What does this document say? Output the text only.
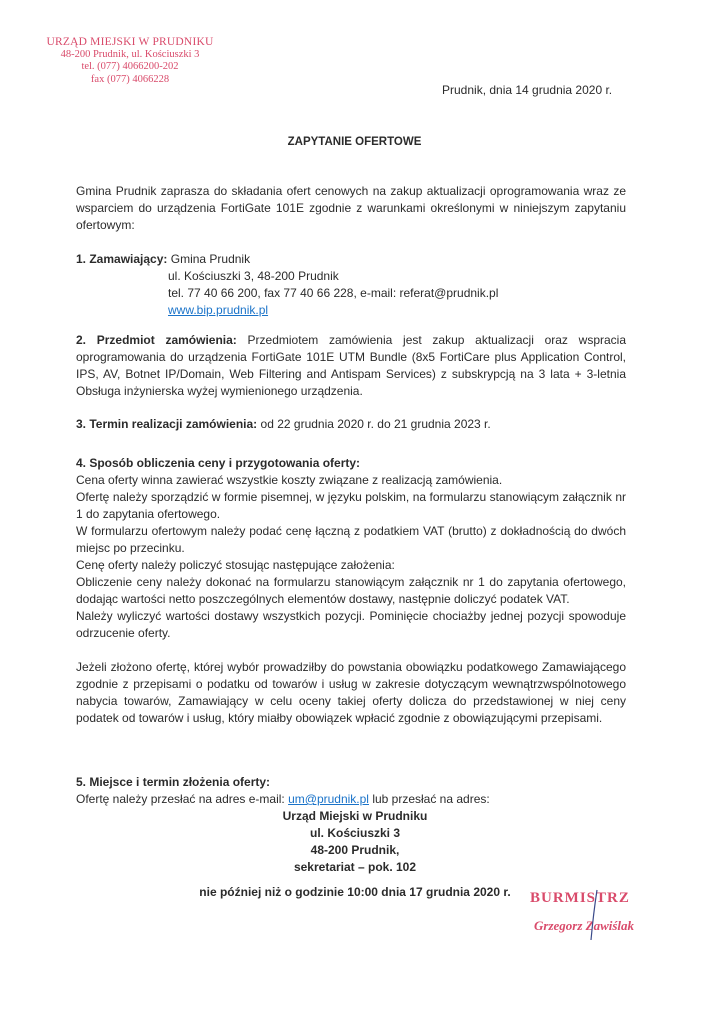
URZĄD MIEJSKI W PRUDNIKU
48-200 Prudnik, ul. Kościuszki 3
tel. (077) 4066200-202
fax (077) 4066228
Prudnik, dnia 14 grudnia 2020 r.
ZAPYTANIE OFERTOWE
Gmina Prudnik zaprasza do składania ofert cenowych na zakup aktualizacji oprogramowania wraz ze wsparciem do urządzenia FortiGate 101E zgodnie z warunkami określonymi w niniejszym zapytaniu ofertowym:
1. Zamawiający: Gmina Prudnik
ul. Kościuszki 3, 48-200 Prudnik
tel. 77 40 66 200, fax 77 40 66 228, e-mail: referat@prudnik.pl
www.bip.prudnik.pl
2. Przedmiot zamówienia: Przedmiotem zamówienia jest zakup aktualizacji oraz wspracia oprogramowania do urządzenia FortiGate 101E UTM Bundle (8x5 FortiCare plus Application Control, IPS, AV, Botnet IP/Domain, Web Filtering and Antispam Services) z subskrypcją na 3 lata + 3-letnia Obsługa inżynierska wyżej wymienionego urządzenia.
3. Termin realizacji zamówienia: od 22 grudnia 2020 r. do 21 grudnia 2023 r.
4. Sposób obliczenia ceny i przygotowania oferty:
Cena oferty winna zawierać wszystkie koszty związane z realizacją zamówienia.
Ofertę należy sporządzić w formie pisemnej, w języku polskim, na formularzu stanowiącym załącznik nr 1 do zapytania ofertowego.
W formularzu ofertowym należy podać cenę łączną z podatkiem VAT (brutto) z dokładnością do dwóch miejsc po przecinku.
Cenę oferty należy policzyć stosując następujące założenia:
Obliczenie ceny należy dokonać na formularzu stanowiącym załącznik nr 1 do zapytania ofertowego, dodając wartości netto poszczególnych elementów dostawy, następnie doliczyć podatek VAT.
Należy wyliczyć wartości dostawy wszystkich pozycji. Pominięcie chociażby jednej pozycji spowoduje odrzucenie oferty.
Jeżeli złożono ofertę, której wybór prowadziłby do powstania obowiązku podatkowego Zamawiającego zgodnie z przepisami o podatku od towarów i usług w zakresie dotyczącym wewnątrzwspólnotowego nabycia towarów, Zamawiający w celu oceny takiej oferty dolicza do przedstawionej w niej ceny podatek od towarów i usług, który miałby obowiązek wpłacić zgodnie z obowiązującymi przepisami.
5. Miejsce i termin złożenia oferty:
Ofertę należy przesłać na adres e-mail: um@prudnik.pl lub przesłać na adres:
Urząd Miejski w Prudniku
ul. Kościuszki 3
48-200 Prudnik,
sekretariat – pok. 102
nie później niż o godzinie 10:00 dnia 17 grudnia 2020 r.	BURMISTRZ
Grzegorz Zawiślak
